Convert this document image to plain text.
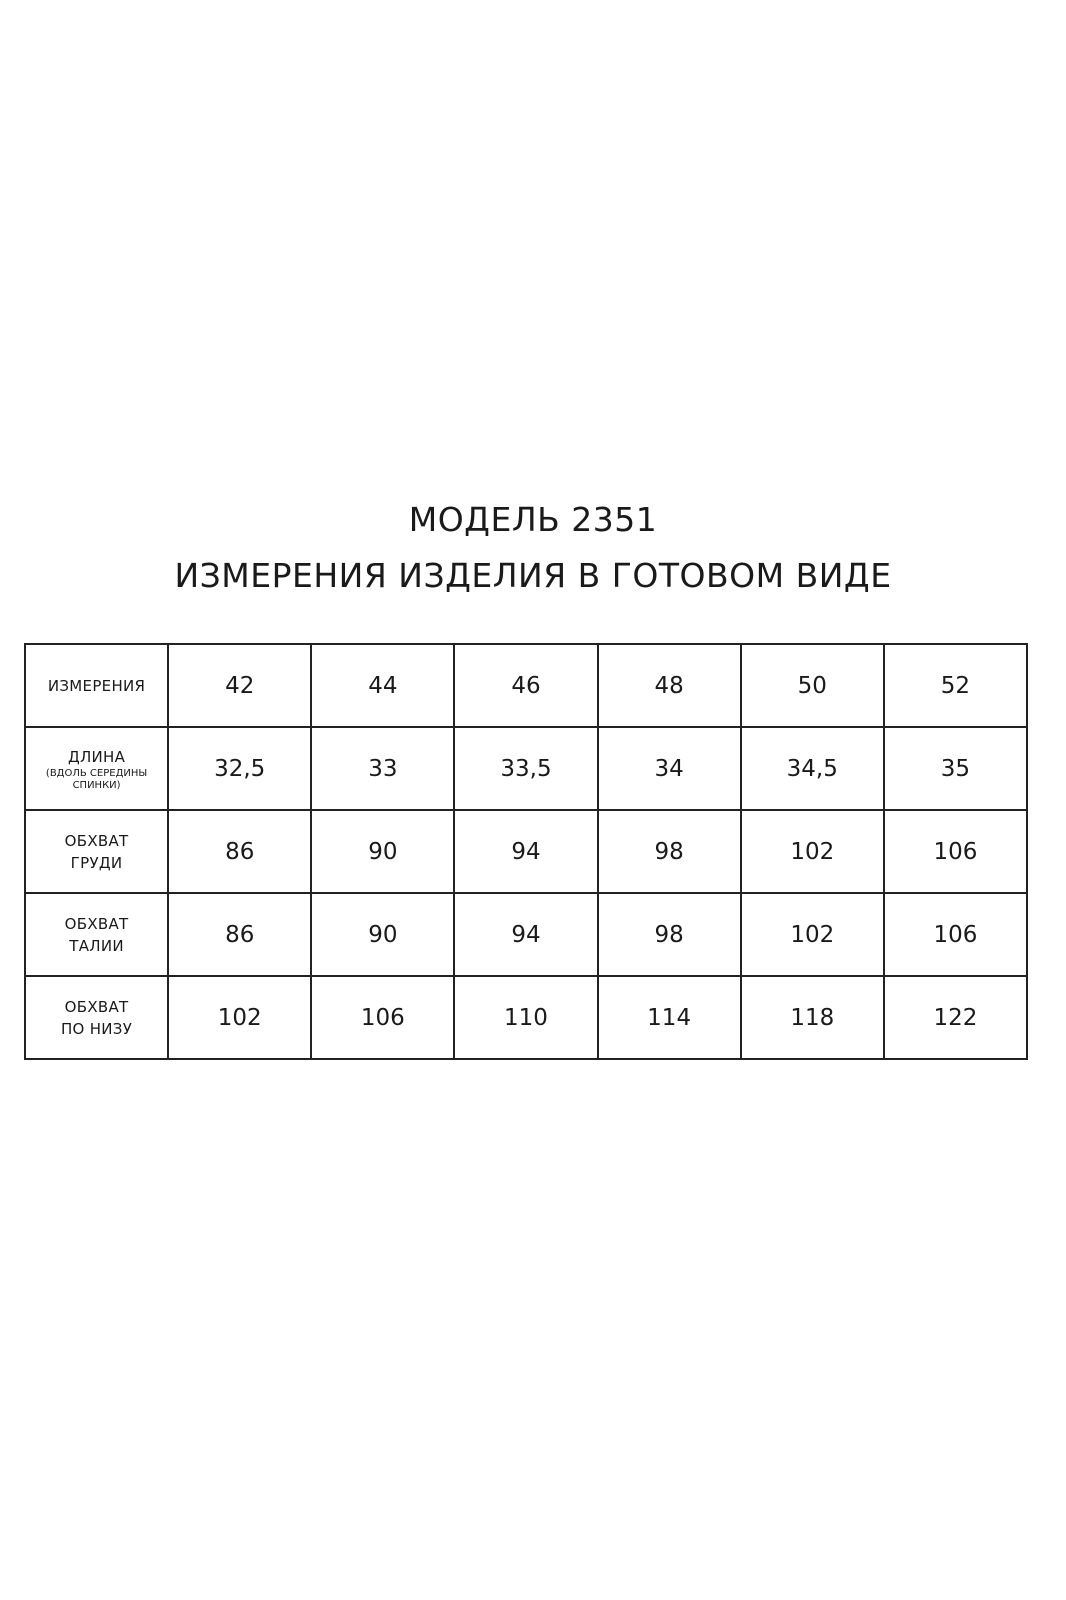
МОДЕЛЬ 2351

ИЗМЕРЕНИЯ ИЗДЕЛИЯ В ГОТОВОМ ВИДЕ

ИЗМЕРЕНИЯ	42	44	46	48	50	52

ДЛИНА
(ВДОЛЬ СЕРЕДИНЫ
СПИНКИ)	32,5	33	33,5	34	34,5	35

ОБХВАТ
ГРУДИ	86	90	94	98	102	106

ОБХВАТ
ТАЛИИ	86	90	94	98	102	106

ОБХВАТ
ПО НИЗУ	102	106	110	114	118	122
